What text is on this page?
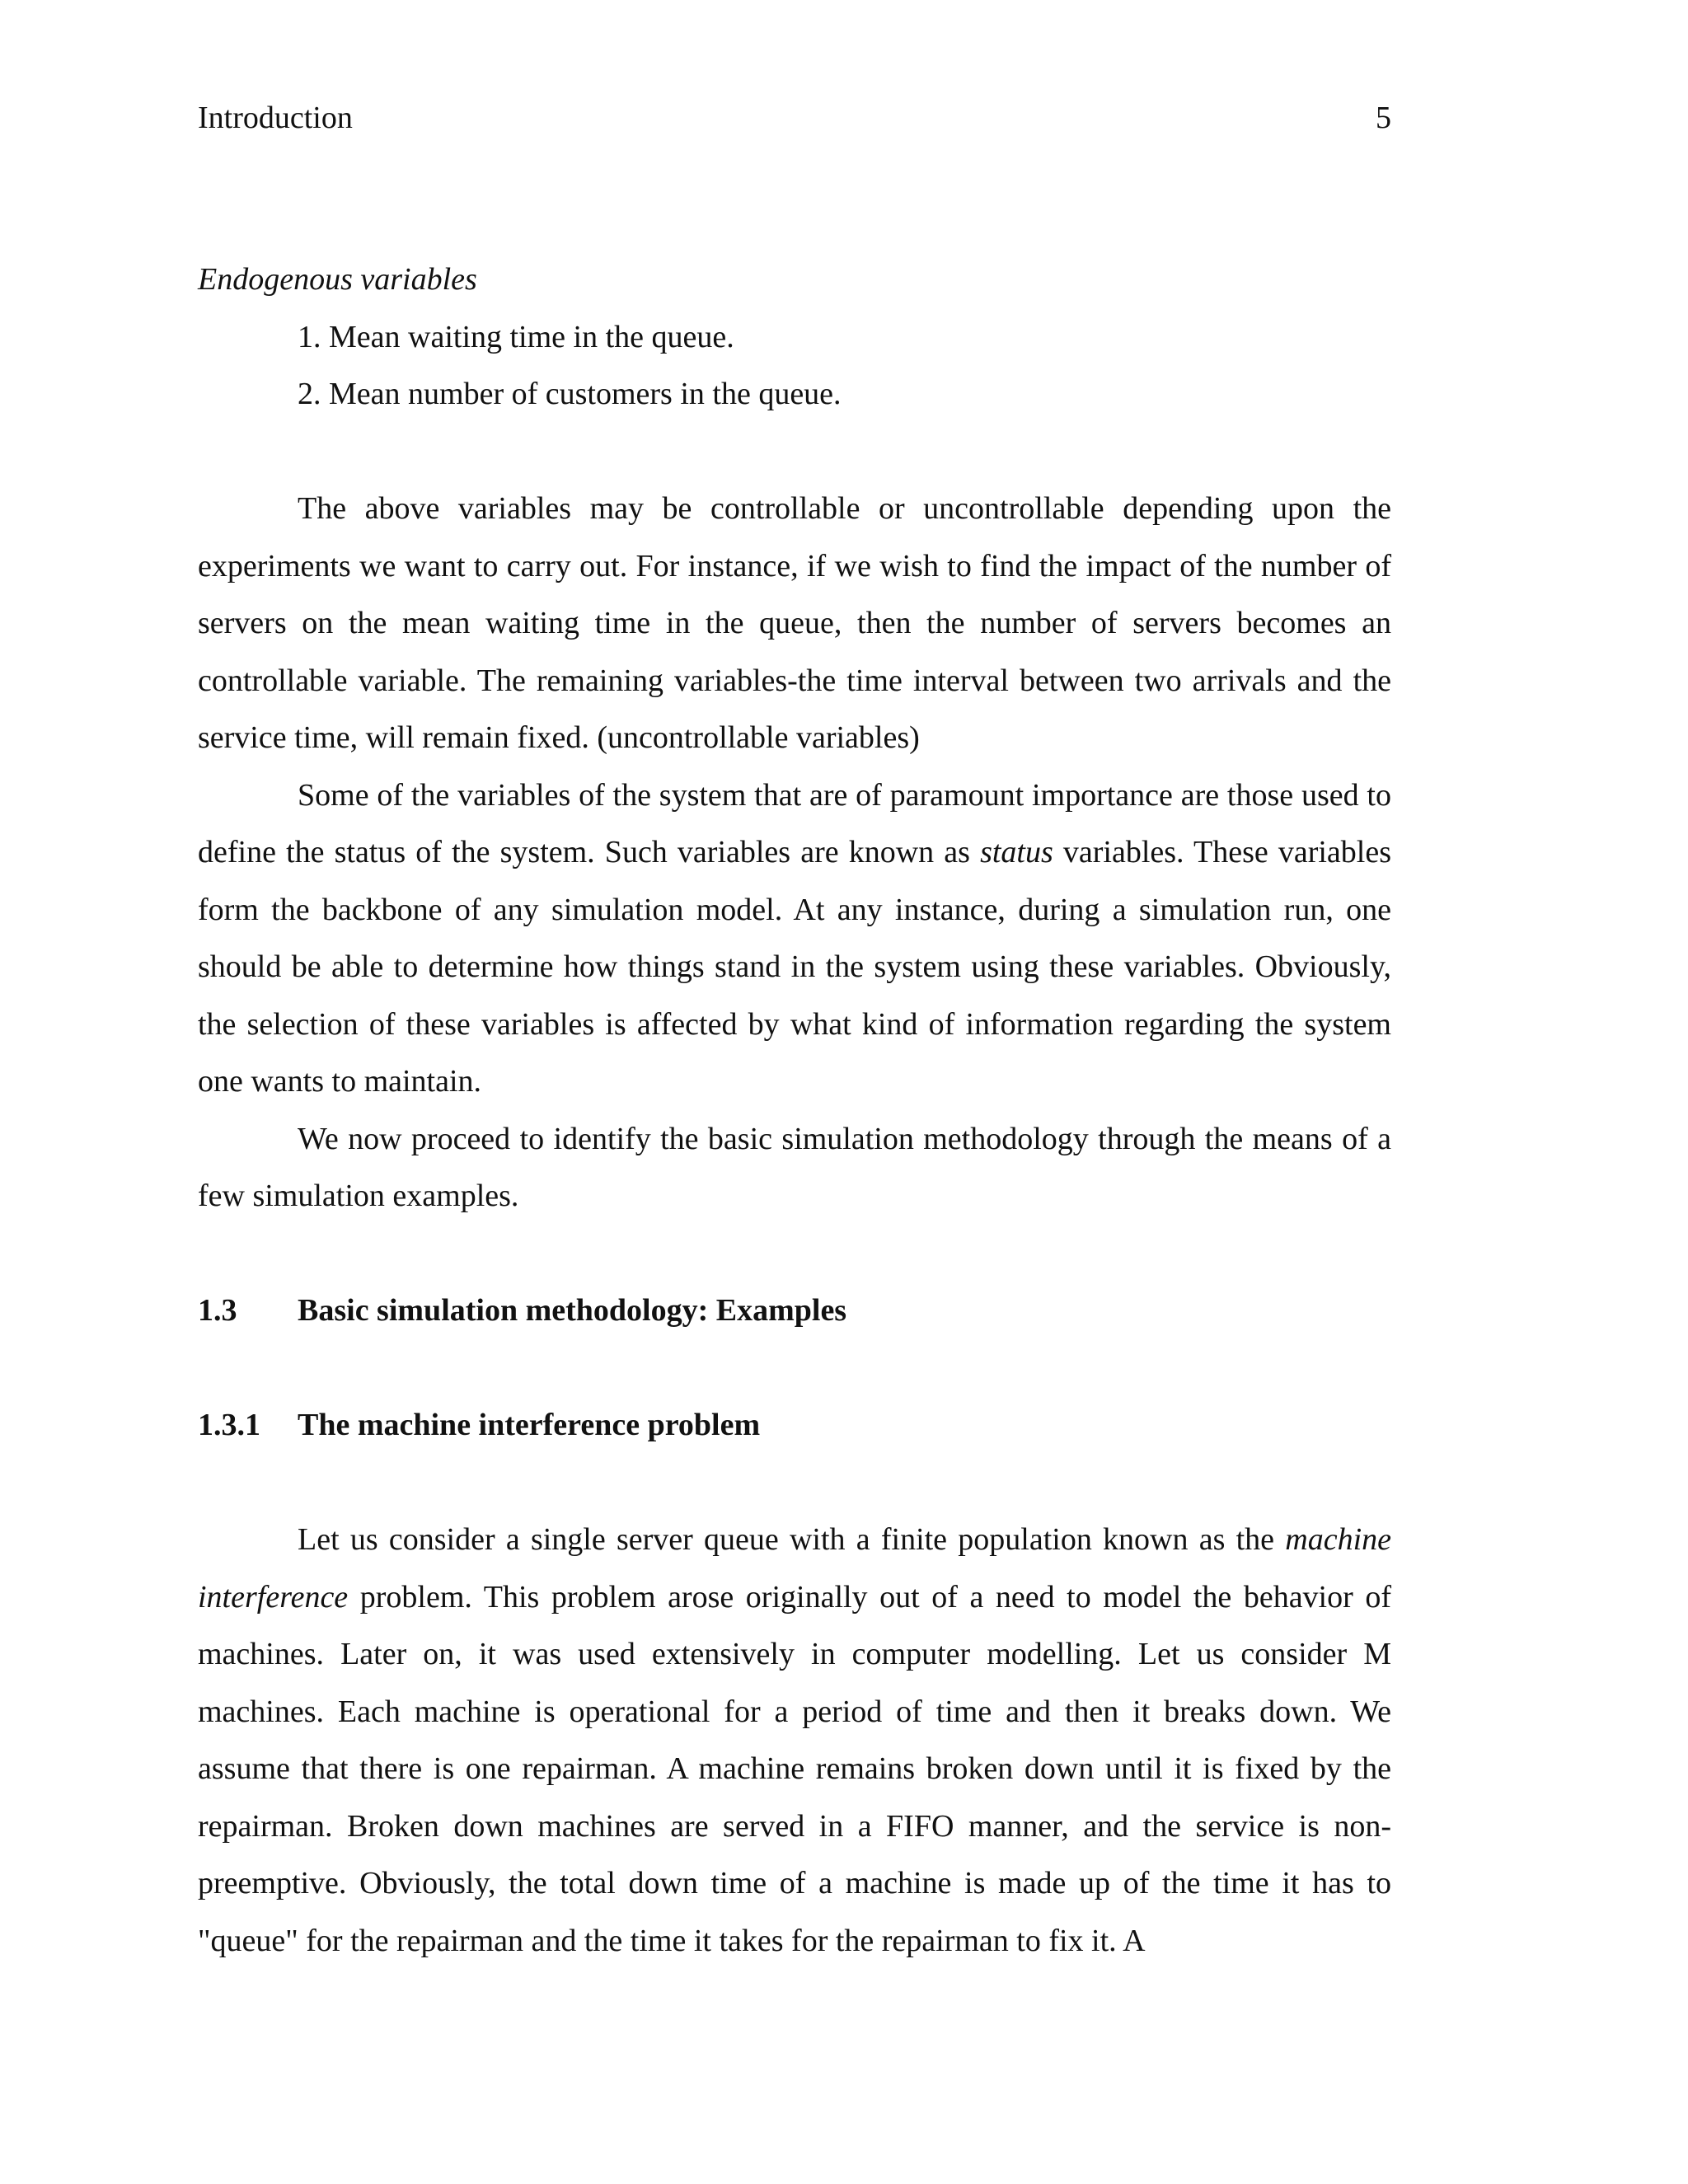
Introduction	5

Endogenous variables

1. Mean waiting time in the queue.

2. Mean number of customers in the queue.

The above variables may be controllable or uncontrollable depending upon the experiments we want to carry out. For instance, if we wish to find the impact of the number of servers on the mean waiting time in the queue, then the number of servers becomes an controllable variable. The remaining variables-the time interval between two arrivals and the service time, will remain fixed. (uncontrollable variables)

Some of the variables of the system that are of paramount importance are those used to define the status of the system. Such variables are known as status variables. These variables form the backbone of any simulation model. At any instance, during a simulation run, one should be able to determine how things stand in the system using these variables. Obviously, the selection of these variables is affected by what kind of information regarding the system one wants to maintain.

We now proceed to identify the basic simulation methodology through the means of a few simulation examples.

1.3	Basic simulation methodology: Examples

1.3.1	The machine interference problem

Let us consider a single server queue with a finite population known as the machine interference problem. This problem arose originally out of a need to model the behavior of machines. Later on, it was used extensively in computer modelling. Let us consider M machines. Each machine is operational for a period of time and then it breaks down. We assume that there is one repairman. A machine remains broken down until it is fixed by the repairman. Broken down machines are served in a FIFO manner, and the service is non-preemptive. Obviously, the total down time of a machine is made up of the time it has to "queue" for the repairman and the time it takes for the repairman to fix it. A
